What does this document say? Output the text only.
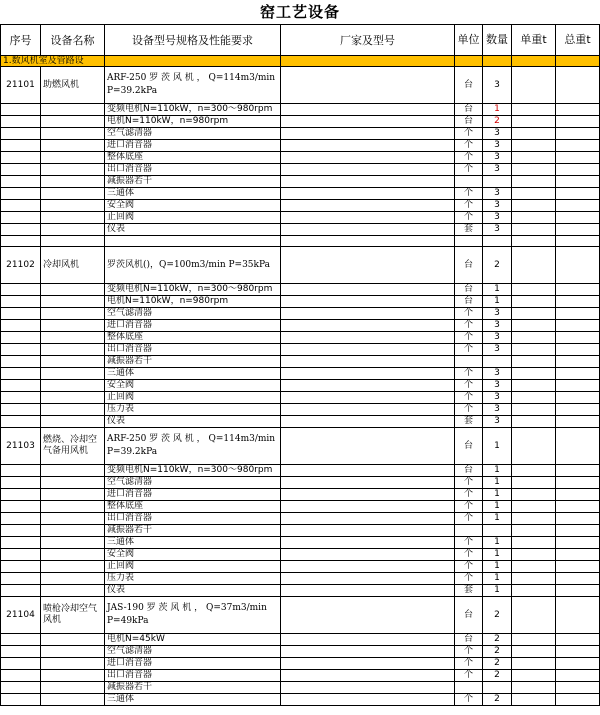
窑工艺设备
序号	设备名称	设备型号规格及性能要求	厂家及型号	单位	数量	单重t	总重t
1.数风机室及管路设							
21101	助燃风机	ARF-250 罗 茨 风 机 ， Q=114m3/min P=39.2kPa		台	3		
		变频电机N=110kW，n=300～980rpm		台	1		
		电机N=110kW，n=980rpm		台	2		
		空气滤清器		个	3		
		进口消音器		个	3		
		整体底座		个	3		
		出口消音器		个	3		
		减振器若干					
		三通体		个	3		
		安全阀		个	3		
		止回阀		个	3		
		仪表		套	3		

21102	冷却风机	罗茨风机()，Q=100m3/min P=35kPa		台	2		
		变频电机N=110kW，n=300～980rpm		台	1		
		电机N=110kW，n=980rpm		台	1		
		空气滤清器		个	3		
		进口消音器		个	3		
		整体底座		个	3		
		出口消音器		个	3		
		减振器若干					
		三通体		个	3		
		安全阀		个	3		
		止回阀		个	3		
		压力表		个	3		
		仪表		套	3		
21103	燃烧、冷却空气备用风机	ARF-250 罗 茨 风 机 ， Q=114m3/min P=39.2kPa		台	1		
		变频电机N=110kW，n=300～980rpm		台	1		
		空气滤清器		个	1		
		进口消音器		个	1		
		整体底座		个	1		
		出口消音器		个	1		
		减振器若干					
		三通体		个	1		
		安全阀		个	1		
		止回阀		个	1		
		压力表		个	1		
		仪表		套	1		
21104	喷枪冷却空气风机	JAS-190 罗 茨 风 机 ， Q=37m3/min P=49kPa		台	2		
		电机N=45kW		台	2		
		空气滤清器		个	2		
		进口消音器		个	2		
		出口消音器		个	2		
		减振器若干					
		三通体		个	2		
